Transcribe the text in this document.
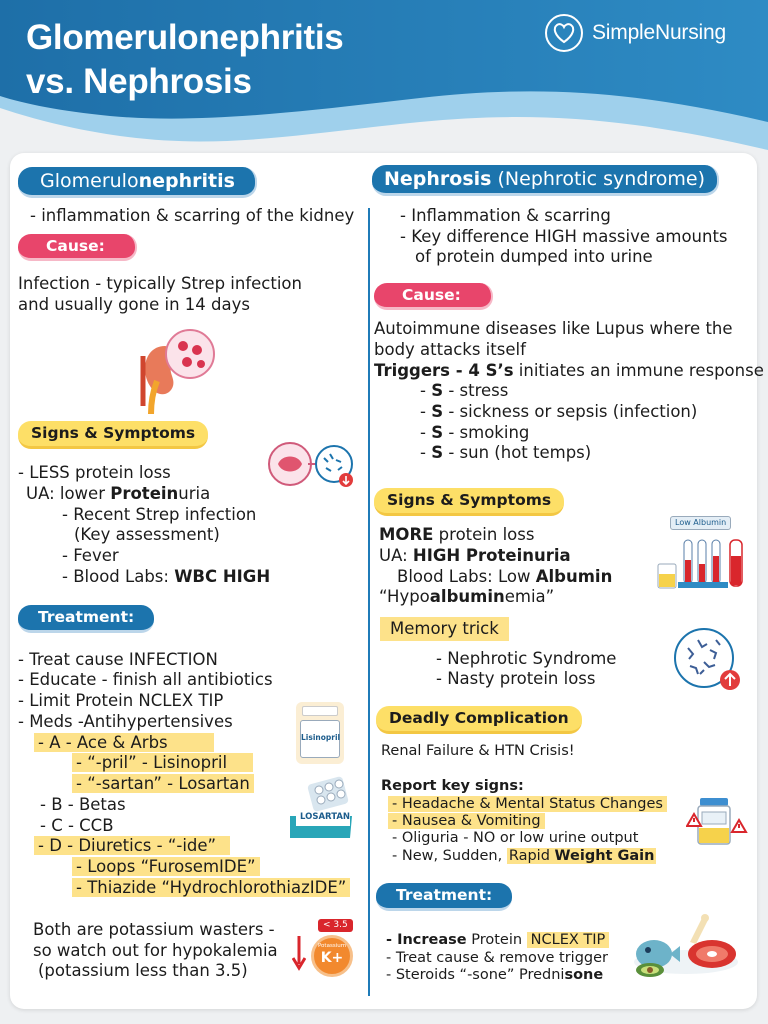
Glomerulonephritis
vs. Nephrosis
SimpleNursing
Glomerulonephritis
- inflammation & scarring of the kidney
Cause:
Infection - typically Strep infection
and usually gone in 14 days
Signs & Symptoms
- LESS protein loss
UA: lower Proteinuria
- Recent Strep infection
(Key assessment)
- Fever
- Blood Labs: WBC HIGH
Treatment:
- Treat cause INFECTION
- Educate - finish all antibiotics
- Limit Protein NCLEX TIP
- Meds -Antihypertensives
- A - Ace & Arbs
- “-pril” - Lisinopril
- “-sartan” - Losartan
- B - Betas
- C - CCB
- D - Diuretics - “-ide”
- Loops “FurosemIDE”
- Thiazide “HydrochlorothiazIDE”
Lisinopril
LOSARTAN
Both are potassium wasters -
so watch out for hypokalemia
(potassium less than 3.5)
< 3.5
Potassium
K+
Nephrosis (Nephrotic syndrome)
- Inflammation & scarring
- Key difference HIGH massive amounts
of protein dumped into urine
Cause:
Autoimmune diseases like Lupus where the
body attacks itself
Triggers - 4 S’s initiates an immune response
- S - stress
- S - sickness or sepsis (infection)
- S - smoking
- S - sun (hot temps)
Signs & Symptoms
MORE protein loss
UA: HIGH Proteinuria
Blood Labs: Low Albumin
“Hypoalbuminemia”
Low Albumin
Memory trick
- Nephrotic Syndrome
- Nasty protein loss
Deadly Complication
Renal Failure & HTN Crisis!
Report key signs:
- Headache & Mental Status Changes
- Nausea & Vomiting
- Oliguria - NO or low urine output
- New, Sudden, Rapid Weight Gain
Treatment:
- Increase Protein NCLEX TIP
- Treat cause & remove trigger
- Steroids “-sone” Prednisone
